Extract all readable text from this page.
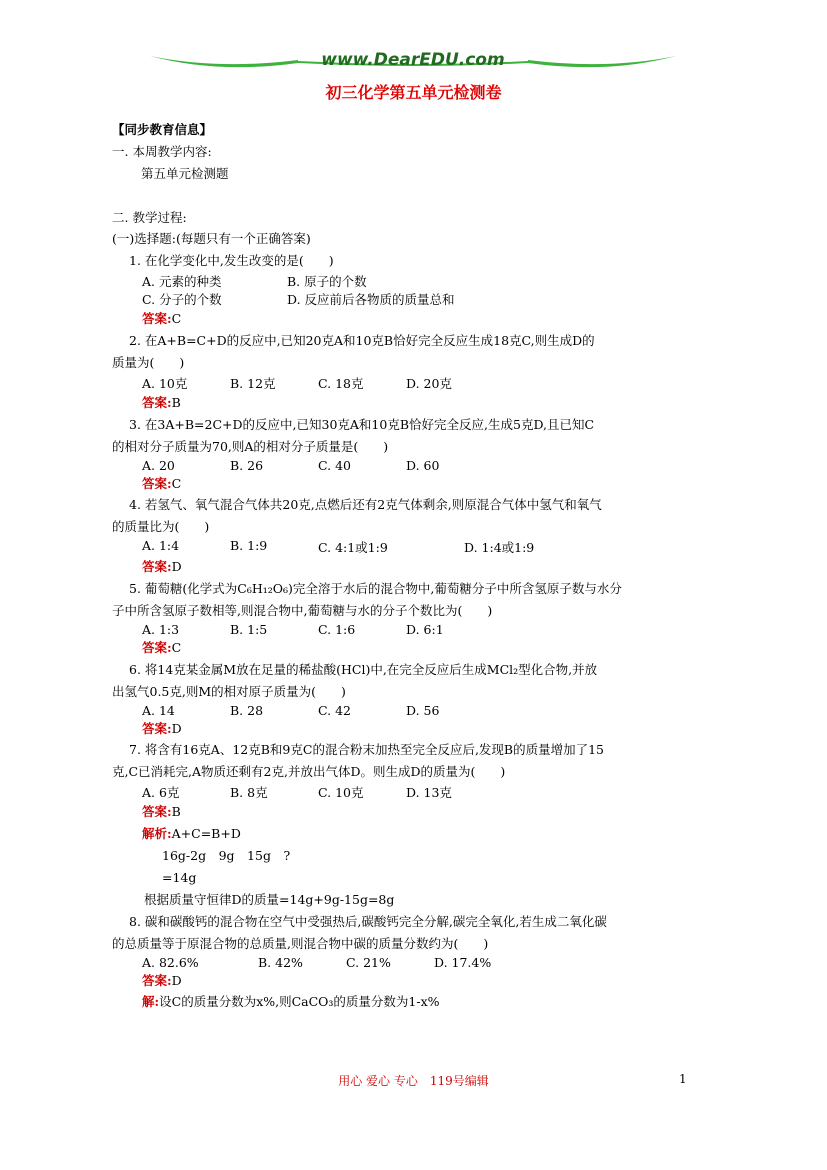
www.DearEDU.com
初三化学第五单元检测卷
【同步教育信息】
一. 本周教学内容:
第五单元检测题
二. 教学过程:
(一)选择题:(每题只有一个正确答案)
1. 在化学变化中,发生改变的是(　　)
A. 元素的种类	B. 原子的个数
C. 分子的个数	D. 反应前后各物质的质量总和
答案:C
2. 在A+B=C+D的反应中,已知20克A和10克B恰好完全反应生成18克C,则生成D的
质量为(　　)
A. 10克	B. 12克	C. 18克	D. 20克
答案:B
3. 在3A+B=2C+D的反应中,已知30克A和10克B恰好完全反应,生成5克D,且已知C
的相对分子质量为70,则A的相对分子质量是(　　)
A. 20	B. 26	C. 40	D. 60
答案:C
4. 若氢气、氧气混合气体共20克,点燃后还有2克气体剩余,则原混合气体中氢气和氧气
的质量比为(　　)
A. 1:4	B. 1:9	C. 4:1或1:9	D. 1:4或1:9
答案:D
5. 葡萄糖(化学式为C₆H₁₂O₆)完全溶于水后的混合物中,葡萄糖分子中所含氢原子数与水分
子中所含氢原子数相等,则混合物中,葡萄糖与水的分子个数比为(　　)
A. 1:3	B. 1:5	C. 1:6	D. 6:1
答案:C
6. 将14克某金属M放在足量的稀盐酸(HCl)中,在完全反应后生成MCl₂型化合物,并放
出氢气0.5克,则M的相对原子质量为(　　)
A. 14	B. 28	C. 42	D. 56
答案:D
7. 将含有16克A、12克B和9克C的混合粉末加热至完全反应后,发现B的质量增加了15
克,C已消耗完,A物质还剩有2克,并放出气体D。则生成D的质量为(　　)
A. 6克	B. 8克	C. 10克	D. 13克
答案:B
解析:A+C=B+D
16g-2g　9g　15g　?
=14g
根据质量守恒律D的质量=14g+9g-15g=8g
8. 碳和碳酸钙的混合物在空气中受强热后,碳酸钙完全分解,碳完全氧化,若生成二氧化碳
的总质量等于原混合物的总质量,则混合物中碳的质量分数约为(　　)
A. 82.6%	B. 42%	C. 21%	D. 17.4%
答案:D
解:设C的质量分数为x%,则CaCO₃的质量分数为1-x%
用心 爱心 专心　119号编辑	1
